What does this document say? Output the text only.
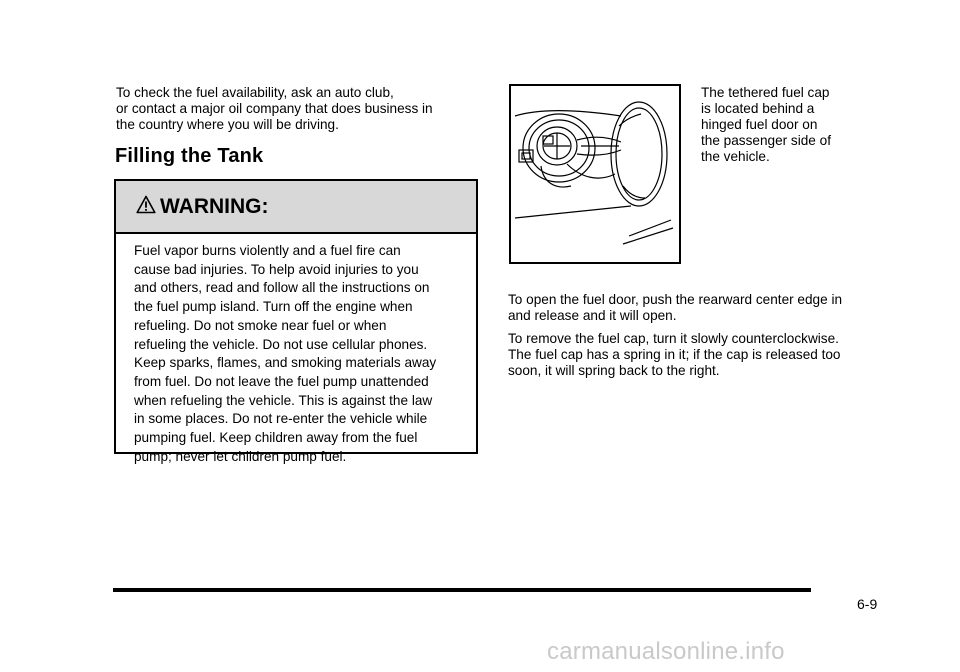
To check the fuel availability, ask an auto club,
or contact a major oil company that does business in
the country where you will be driving.
Filling the Tank
WARNING:
Fuel vapor burns violently and a fuel fire can
cause bad injuries. To help avoid injuries to you
and others, read and follow all the instructions on
the fuel pump island. Turn off the engine when
refueling. Do not smoke near fuel or when
refueling the vehicle. Do not use cellular phones.
Keep sparks, flames, and smoking materials away
from fuel. Do not leave the fuel pump unattended
when refueling the vehicle. This is against the law
in some places. Do not re-enter the vehicle while
pumping fuel. Keep children away from the fuel
pump; never let children pump fuel.
The tethered fuel cap
is located behind a
hinged fuel door on
the passenger side of
the vehicle.
To open the fuel door, push the rearward center edge in
and release and it will open.
To remove the fuel cap, turn it slowly counterclockwise.
The fuel cap has a spring in it; if the cap is released too
soon, it will spring back to the right.
6-9
carmanualsonline.info
